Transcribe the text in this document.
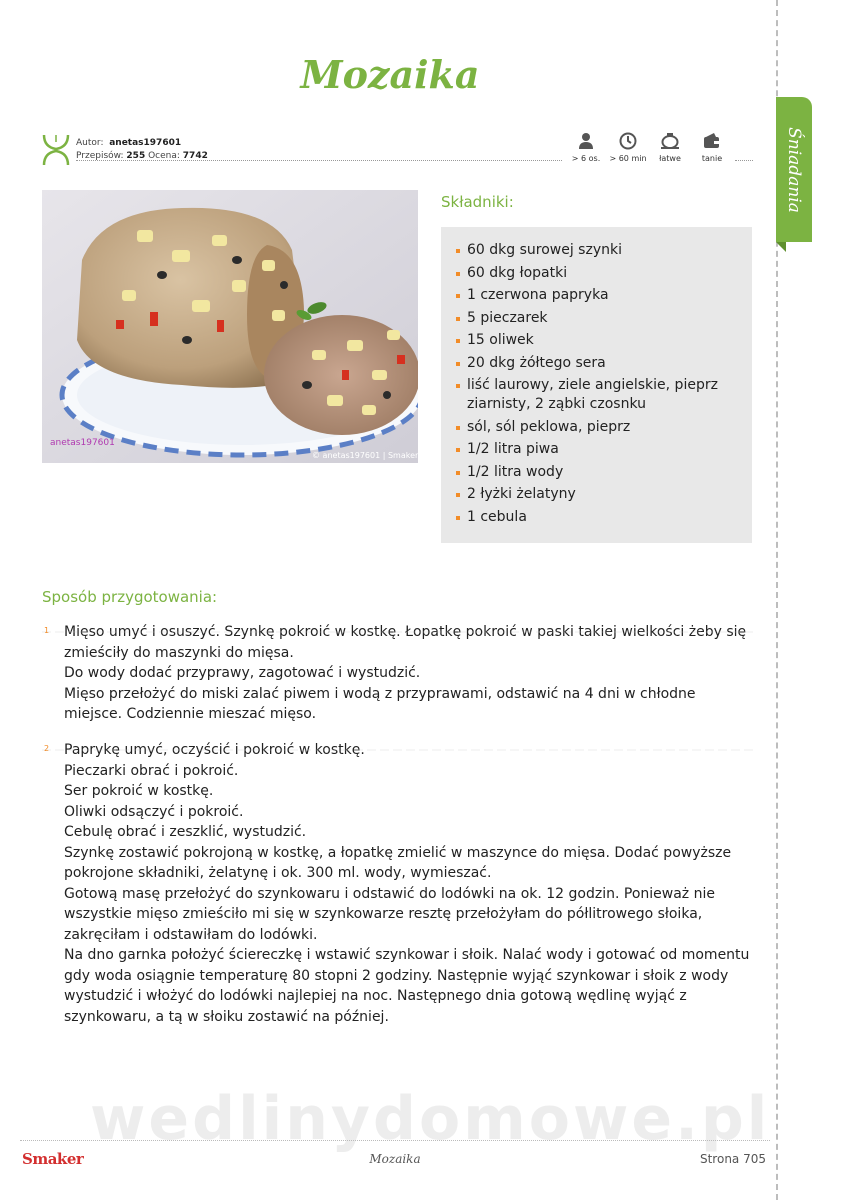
Śniadania
Mozaika
Autor: anetas197601
Przepisów: 255 Ocena: 7742	> 6 os.	> 60 min	łatwe	tanie
anetas197601
© anetas197601 | Smaker
Składniki:
60 dkg surowej szynki
60 dkg łopatki
1 czerwona papryka
5 pieczarek
15 oliwek
20 dkg żółtego sera
liść laurowy, ziele angielskie, pieprz ziarnisty, 2 ząbki czosnku
sól, sól peklowa, pieprz
1/2 litra piwa
1/2 litra wody
2 łyżki żelatyny
1 cebula
Sposób przygotowania:
1 Mięso umyć i osuszyć. Szynkę pokroić w kostkę. Łopatkę pokroić w paski takiej wielkości żeby się zmieściły do maszynki do mięsa.
Do wody dodać przyprawy, zagotować i wystudzić.
Mięso przełożyć do miski zalać piwem i wodą z przyprawami, odstawić na 4 dni w chłodne miejsce. Codziennie mieszać mięso.
2 Paprykę umyć, oczyścić i pokroić w kostkę.
Pieczarki obrać i pokroić.
Ser pokroić w kostkę.
Oliwki odsączyć i pokroić.
Cebulę obrać i zeszklić, wystudzić.
Szynkę zostawić pokrojoną w kostkę, a łopatkę zmielić w maszynce do mięsa. Dodać powyższe pokrojone składniki, żelatynę i ok. 300 ml. wody, wymieszać.
Gotową masę przełożyć do szynkowaru i odstawić do lodówki na ok. 12 godzin. Ponieważ nie wszystkie mięso zmieściło mi się w szynkowarze resztę przełożyłam do półlitrowego słoika, zakręciłam i odstawiłam do lodówki.
Na dno garnka położyć ściereczkę i wstawić szynkowar i słoik. Nalać wody i gotować od momentu gdy woda osiągnie temperaturę 80 stopni 2 godziny. Następnie wyjąć szynkowar i słoik z wody wystudzić i włożyć do lodówki najlepiej na noc. Następnego dnia gotową wędlinę wyjąć z szynkowaru, a tą w słoiku zostawić na później.
wedlinydomowe.pl
Smaker	Mozaika	Strona 705
